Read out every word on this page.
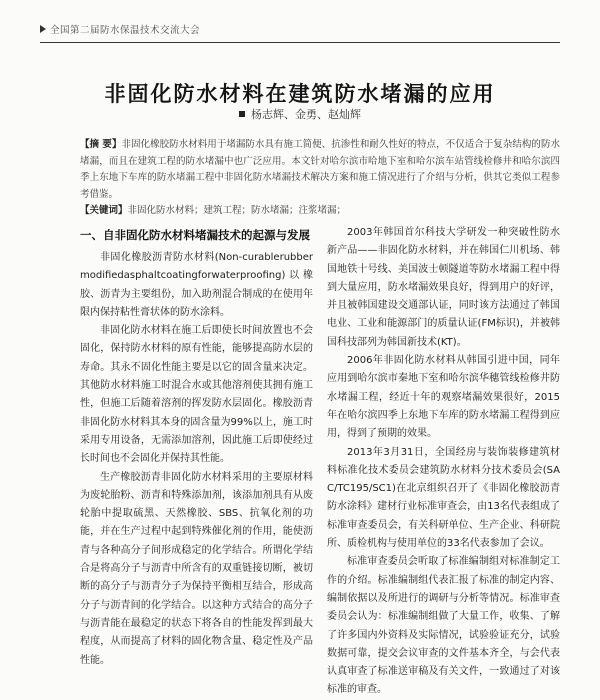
全国第二届防水保温技术交流大会
非固化防水材料在建筑防水堵漏的应用
杨志辉、金勇、赵灿辉
【摘 要】非固化橡胶防水材料用于堵漏防水具有施工简便、抗渗性和耐久性好的特点，不仅适合于复杂结构的防水堵漏，而且在建筑工程的防水堵漏中也广泛应用。本文针对哈尔滨市哈地下室和哈尔滨车站管线检修井和哈尔滨四季上东地下车库的防水堵漏工程中非固化防水堵漏技术解决方案和施工情况进行了介绍与分析，供其它类似工程参考借鉴。
【关键词】非固化防水材料；建筑工程；防水堵漏；注浆堵漏；
一、自非固化防水材料堵漏技术的起源与发展

非固化橡胶沥青防水材料(Non-curablerubbermodifiedasphaltcoatingforwaterproofing)以橡胶、沥青为主要组份，加入助剂混合制成的在使用年限内保持粘性膏状体的防水涂料。

非固化防水材料在施工后即使长时间放置也不会固化，保持防水材料的原有性能，能够提高防水层的寿命。其永不固化性能主要是以它的固含量来决定。其他防水材料施工时混合水或其他溶剂使其拥有施工性，但施工后随着溶剂的挥发防水层固化。橡胶沥青非固化防水材料其本身的固含量为99%以上，施工时采用专用设备，无需添加溶剂，因此施工后即使经过长时间也不会固化并保持其性能。

生产橡胶沥青非固化防水材料采用的主要原材料为废轮胎粉、沥青和特殊添加剂，该添加剂具有从废轮胎中提取硫黑、天然橡胶、SBS、抗氧化剂的功能，并在生产过程中起到特殊催化剂的作用，能使沥青与各种高分子间形成稳定的化学结合。所谓化学结合是将高分子与沥青中所含有的双重链接切断，被切断的高分子与沥青分子为保持平衡相互结合，形成高分子与沥青间的化学结合。以这种方式结合的高分子与沥青能在最稳定的状态下将各自的性能发挥到最大程度，从而提高了材料的固化物含量、稳定性及产品性能。

2003年韩国首尔科技大学研发一种突破性防水新产品——非固化防水材料，并在韩国仁川机场、韩国地铁十号线、美国波士顿隧道等防水堵漏工程中得到大量应用，防水堵漏效果良好，得到用户的好评，并且被韩国建设交通部认证，同时该方法通过了韩国电业、工业和能源部门的质量认证(FM标识)，并被韩国科技部列为韩国新技术(KT)。

2006年非固化防水材料从韩国引进中国，同年应用到哈尔滨市秦地下室和哈尔滨华穗管线检修井防水堵漏工程，经近十年的观察堵漏效果很好，2015年在哈尔滨四季上东地下车库的防水堵漏工程得到应用，得到了预期的效果。

2013年3月31日，全国经房与装饰装修建筑材料标准化技术委员会建筑防水材料分技术委员会(SAC/TC195/SC1)在北京组织召开了《非固化橡胶沥青防水涂料》建材行业标准审查会，由13名代表组成了标准审查委员会，有关科研单位、生产企业、科研院所、质检机构与使用单位的33名代表参加了会议。

标准审查委员会听取了标准编制组对标准制定工作的介绍。标准编制组代表汇报了标准的制定内容、编制依据以及所进行的调研与分析等情况。标准审查委员会认为：标准编制组做了大量工作，收集、了解了许多国内外资料及实际情况，试验验证充分，试验数据可靠，提交会议审查的文件基本齐全，与会代表认真审查了标准送审稿及有关文件，一致通过了对该标准的审查。
